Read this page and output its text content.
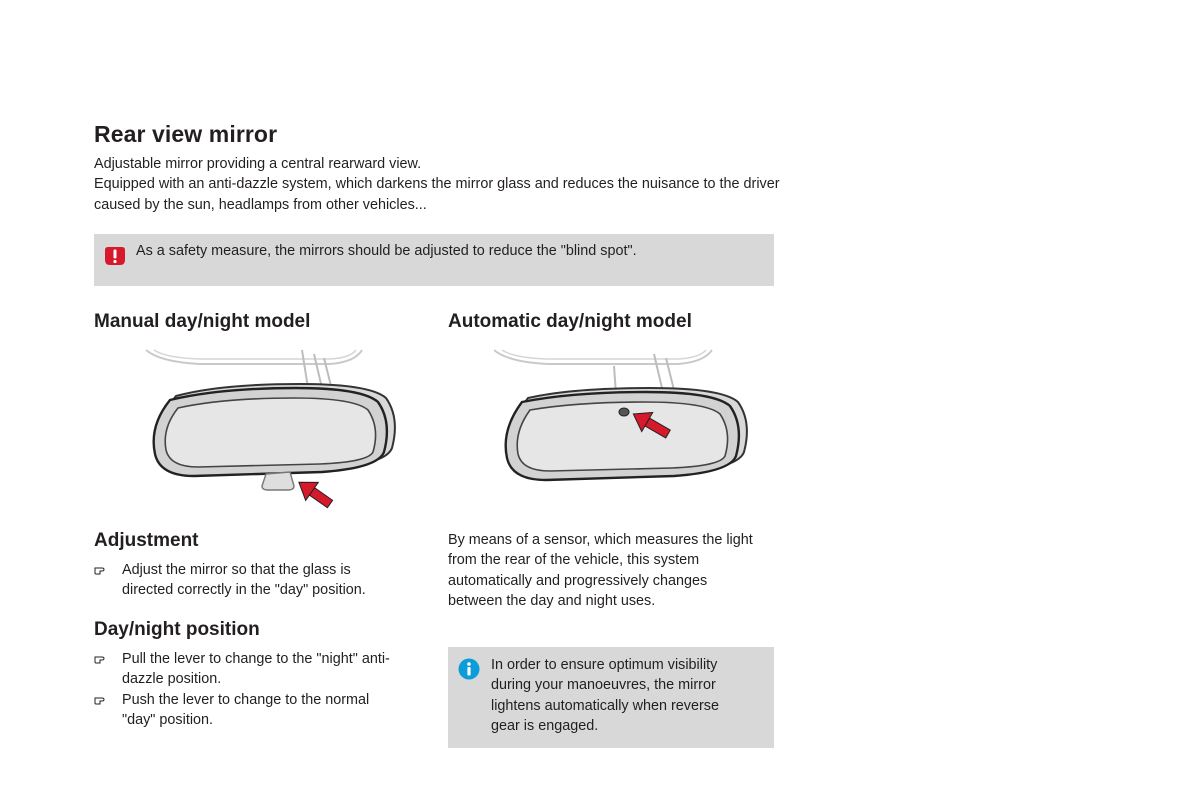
Rear view mirror

Adjustable mirror providing a central rearward view.

Equipped with an anti-dazzle system, which darkens the mirror glass and reduces the nuisance to the driver caused by the sun, headlamps from other vehicles...

As a safety measure, the mirrors should be adjusted to reduce the "blind spot".

Manual day/night model	Automatic day/night model
Adjustment
Adjust the mirror so that the glass is directed correctly in the "day" position.
Day/night position
Pull the lever to change to the "night" anti-dazzle position.
Push the lever to change to the normal "day" position.

By means of a sensor, which measures the light from the rear of the vehicle, this system automatically and progressively changes between the day and night uses.

In order to ensure optimum visibility during your manoeuvres, the mirror lightens automatically when reverse gear is engaged.
